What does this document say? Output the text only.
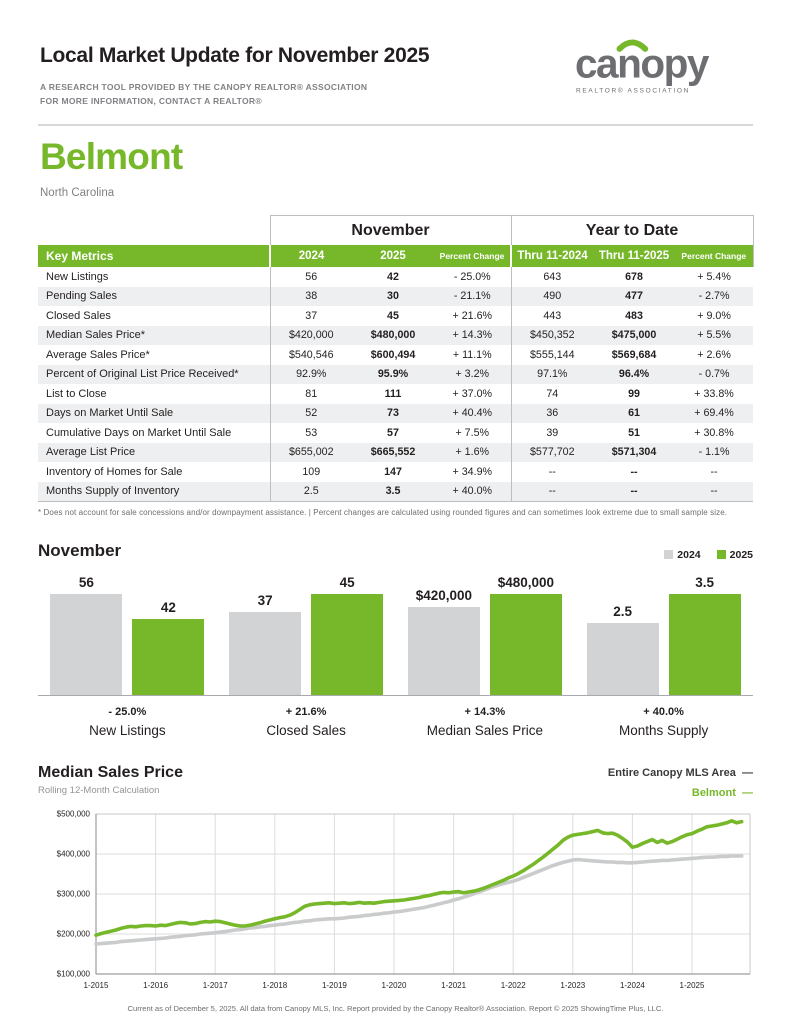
Local Market Update for November 2025
A RESEARCH TOOL PROVIDED BY THE CANOPY REALTOR® ASSOCIATION
FOR MORE INFORMATION, CONTACT A REALTOR®
canopy
REALTOR® ASSOCIATION
Belmont
North Carolina
	November			Year to Date		
Key Metrics	2024	2025	Percent Change	Thru 11-2024	Thru 11-2025	Percent Change
New Listings	56	42	- 25.0%	643	678	+ 5.4%
Pending Sales	38	30	- 21.1%	490	477	- 2.7%
Closed Sales	37	45	+ 21.6%	443	483	+ 9.0%
Median Sales Price*	$420,000	$480,000	+ 14.3%	$450,352	$475,000	+ 5.5%
Average Sales Price*	$540,546	$600,494	+ 11.1%	$555,144	$569,684	+ 2.6%
Percent of Original List Price Received*	92.9%	95.9%	+ 3.2%	97.1%	96.4%	- 0.7%
List to Close	81	111	+ 37.0%	74	99	+ 33.8%
Days on Market Until Sale	52	73	+ 40.4%	36	61	+ 69.4%
Cumulative Days on Market Until Sale	53	57	+ 7.5%	39	51	+ 30.8%
Average List Price	$655,002	$665,552	+ 1.6%	$577,702	$571,304	- 1.1%
Inventory of Homes for Sale	109	147	+ 34.9%	--	--	--
Months Supply of Inventory	2.5	3.5	+ 40.0%	--	--	--
* Does not account for sale concessions and/or downpayment assistance. | Percent changes are calculated using rounded figures and can sometimes look extreme due to small sample size.
November	2024	2025
56
42
- 25.0%
New Listings
37
45
+ 21.6%
Closed Sales
$420,000
$480,000
+ 14.3%
Median Sales Price
2.5
3.5
+ 40.0%
Months Supply
Median Sales Price
Rolling 12-Month Calculation
Entire Canopy MLS Area —
Belmont —
$100,000
$200,000
$300,000
$400,000
$500,000
1-2015	1-2016	1-2017	1-2018	1-2019	1-2020	1-2021	1-2022	1-2023	1-2024	1-2025
Current as of December 5, 2025. All data from Canopy MLS, Inc. Report provided by the Canopy Realtor® Association. Report © 2025 ShowingTime Plus, LLC.
